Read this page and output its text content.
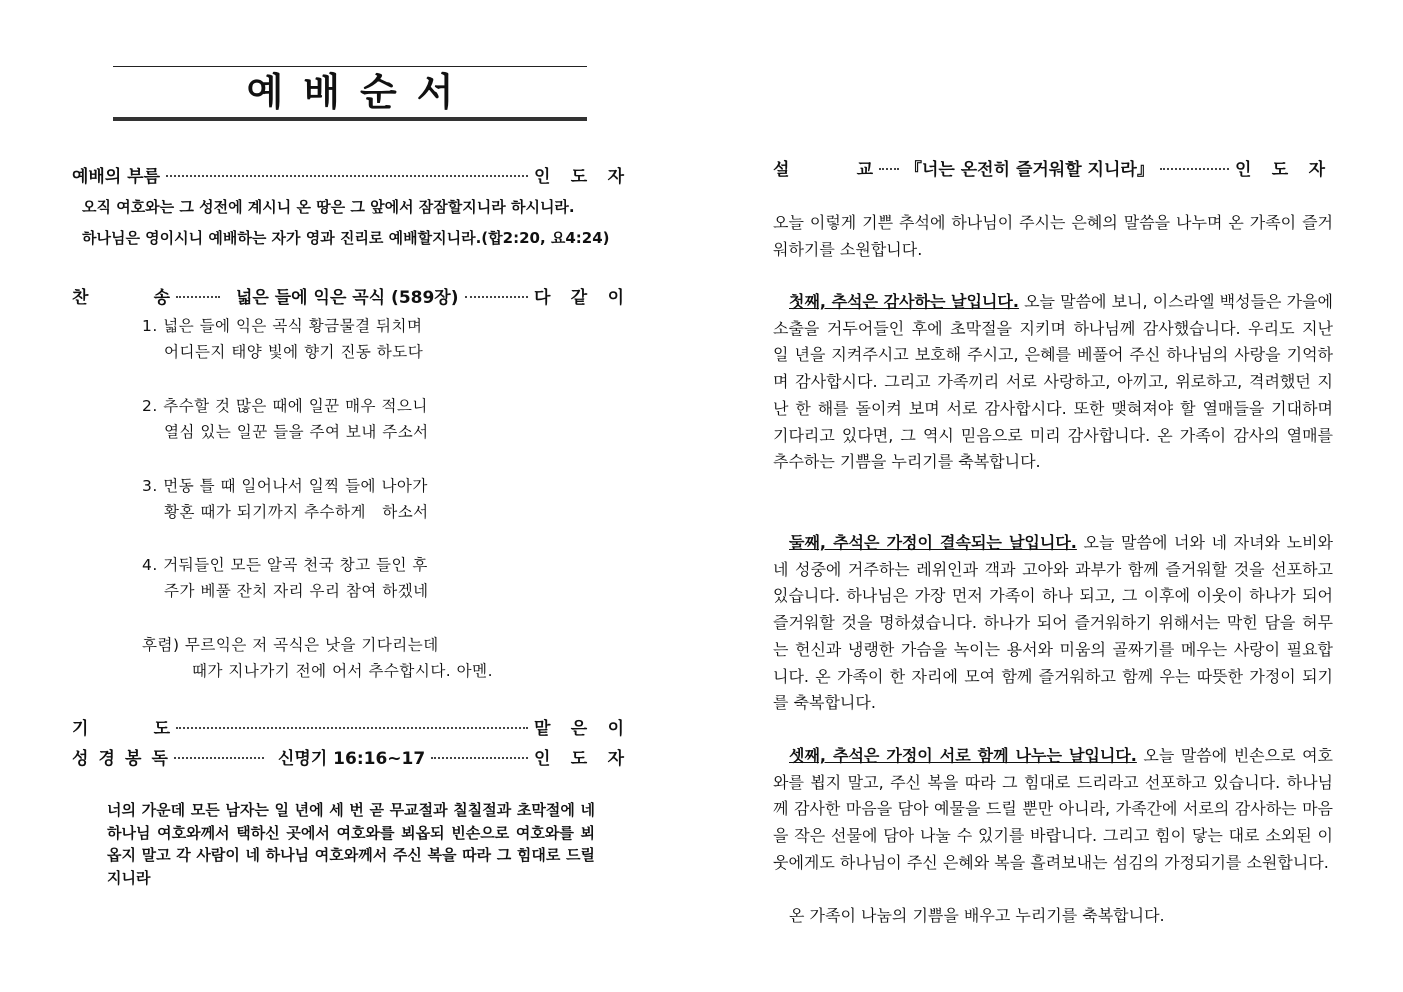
예배순서
예배의 부름	인 도 자
오직 여호와는 그 성전에 계시니 온 땅은 그 앞에서 잠잠할지니라 하시니라.
하나님은 영이시니 예배하는 자가 영과 진리로 예배할지니라.(합2:20, 요4:24)
찬	송	넓은 들에 익은 곡식 (589장)	다 같 이
1. 넓은 들에 익은 곡식 황금물결 뒤치며
어디든지 태양 빛에 향기 진동 하도다
2. 추수할 것 많은 때에 일꾼 매우 적으니
열심 있는 일꾼 들을 주여 보내 주소서
3. 먼동 틀 때 일어나서 일찍 들에 나아가
황혼 때가 되기까지 추수하게   하소서
4. 거둬들인 모든 알곡 천국 창고 들인 후
주가 베풀 잔치 자리 우리 참여 하겠네
후렴) 무르익은 저 곡식은 낫을 기다리는데
때가 지나가기 전에 어서 추수합시다. 아멘.
기	도	맡 은 이
성 경 봉 독	신명기 16:16~17	인 도 자
너의 가운데 모든 남자는 일 년에 세 번 곧 무교절과 칠칠절과 초막절에 네 하나님 여호와께서 택하신 곳에서 여호와를 뵈옵되 빈손으로 여호와를 뵈옵지 말고 각 사람이 네 하나님 여호와께서 주신 복을 따라 그 힘대로 드릴지니라
설	교 『너는 온전히 즐거워할 지니라』	인 도 자
오늘 이렇게 기쁜 추석에 하나님이 주시는 은혜의 말씀을 나누며 온 가족이 즐거워하기를 소원합니다.
첫째, 추석은 감사하는 날입니다. 오늘 말씀에 보니, 이스라엘 백성들은 가을에 소출을 거두어들인 후에 초막절을 지키며 하나님께 감사했습니다. 우리도 지난 일 년을 지켜주시고 보호해 주시고, 은혜를 베풀어 주신 하나님의 사랑을 기억하며 감사합시다. 그리고 가족끼리 서로 사랑하고, 아끼고, 위로하고, 격려했던 지난 한 해를 돌이켜 보며 서로 감사합시다. 또한 맺혀져야 할 열매들을 기대하며 기다리고 있다면, 그 역시 믿음으로 미리 감사합니다. 온 가족이 감사의 열매를 추수하는 기쁨을 누리기를 축복합니다.
둘째, 추석은 가정이 결속되는 날입니다. 오늘 말씀에 너와 네 자녀와 노비와 네 성중에 거주하는 레위인과 객과 고아와 과부가 함께 즐거워할 것을 선포하고 있습니다. 하나님은 가장 먼저 가족이 하나 되고, 그 이후에 이웃이 하나가 되어 즐거워할 것을 명하셨습니다. 하나가 되어 즐거워하기 위해서는 막힌 담을 허무는 헌신과 냉랭한 가슴을 녹이는 용서와 미움의 골짜기를 메우는 사랑이 필요합니다. 온 가족이 한 자리에 모여 함께 즐거워하고 함께 우는 따뜻한 가정이 되기를 축복합니다.
셋째, 추석은 가정이 서로 함께 나누는 날입니다. 오늘 말씀에 빈손으로 여호와를 뵙지 말고, 주신 복을 따라 그 힘대로 드리라고 선포하고 있습니다. 하나님께 감사한 마음을 담아 예물을 드릴 뿐만 아니라, 가족간에 서로의 감사하는 마음을 작은 선물에 담아 나눌 수 있기를 바랍니다. 그리고 힘이 닿는 대로 소외된 이웃에게도 하나님이 주신 은혜와 복을 흘려보내는 섬김의 가정되기를 소원합니다.
온 가족이 나눔의 기쁨을 배우고 누리기를 축복합니다.
